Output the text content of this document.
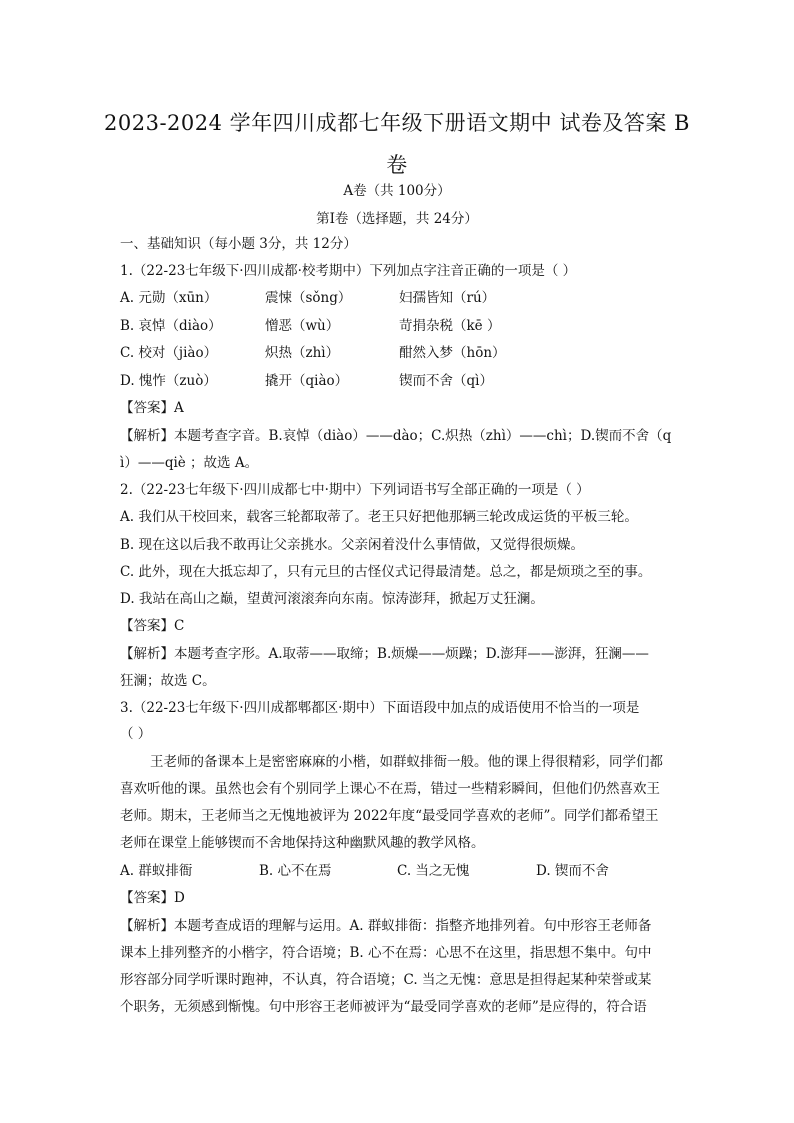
2023-2024 学年四川成都七年级下册语文期中 试卷及答案 B
卷
A卷（共 100分）
第Ⅰ卷（选择题，共 24分）
一、基础知识（每小题 3分，共 12分）
1.（22-23七年级下·四川成都·校考期中）下列加点字注音正确的一项是（ ）
A. 元勋（xūn）	震悚（sǒng）	妇孺皆知（rú）
B. 哀悼（diào）	憎恶（wù）	苛捐杂税（kē ）
C. 校对（jiào）	炽热（zhì）	酣然入梦（hōn）
D. 愧怍（zuò）	撬开（qiào）	锲而不舍（qì）
【答案】A
【解析】本题考查字音。B.哀悼（diào）——dào；C.炽热（zhì）——chì；D.锲而不舍（q
ì）——qiè ；故选 A。
2.（22-23七年级下·四川成都七中·期中）下列词语书写全部正确的一项是（ ）
A. 我们从干校回来，载客三轮都取蒂了。老王只好把他那辆三轮改成运货的平板三轮。
B. 现在这以后我不敢再让父亲挑水。父亲闲着没什么事情做，又觉得很烦燥。
C. 此外，现在大抵忘却了，只有元旦的古怪仪式记得最清楚。总之，都是烦琐之至的事。
D. 我站在高山之巅，望黄河滚滚奔向东南。惊涛澎拜，掀起万丈狂澜。
【答案】C
【解析】本题考查字形。A.取蒂——取缔；B.烦燥——烦躁；D.澎拜——澎湃，狂澜——
狂澜；故选 C。
3.（22-23七年级下·四川成都郫都区·期中）下面语段中加点的成语使用不恰当的一项是
（ ）
王老师的备课本上是密密麻麻的小楷，如群蚁排衙一般。他的课上得很精彩，同学们都
喜欢听他的课。虽然也会有个别同学上课心不在焉，错过一些精彩瞬间，但他们仍然喜欢王
老师。期末，王老师当之无愧地被评为 2022年度“最受同学喜欢的老师”。同学们都希望王
老师在课堂上能够锲而不舍地保持这种幽默风趣的教学风格。
A. 群蚁排衙	B. 心不在焉	C. 当之无愧	D. 锲而不舍
【答案】D
【解析】本题考查成语的理解与运用。A. 群蚁排衙：指整齐地排列着。句中形容王老师备
课本上排列整齐的小楷字，符合语境；B. 心不在焉：心思不在这里，指思想不集中。句中
形容部分同学听课时跑神，不认真，符合语境；C. 当之无愧：意思是担得起某种荣誉或某
个职务，无须感到惭愧。句中形容王老师被评为“最受同学喜欢的老师”是应得的，符合语
